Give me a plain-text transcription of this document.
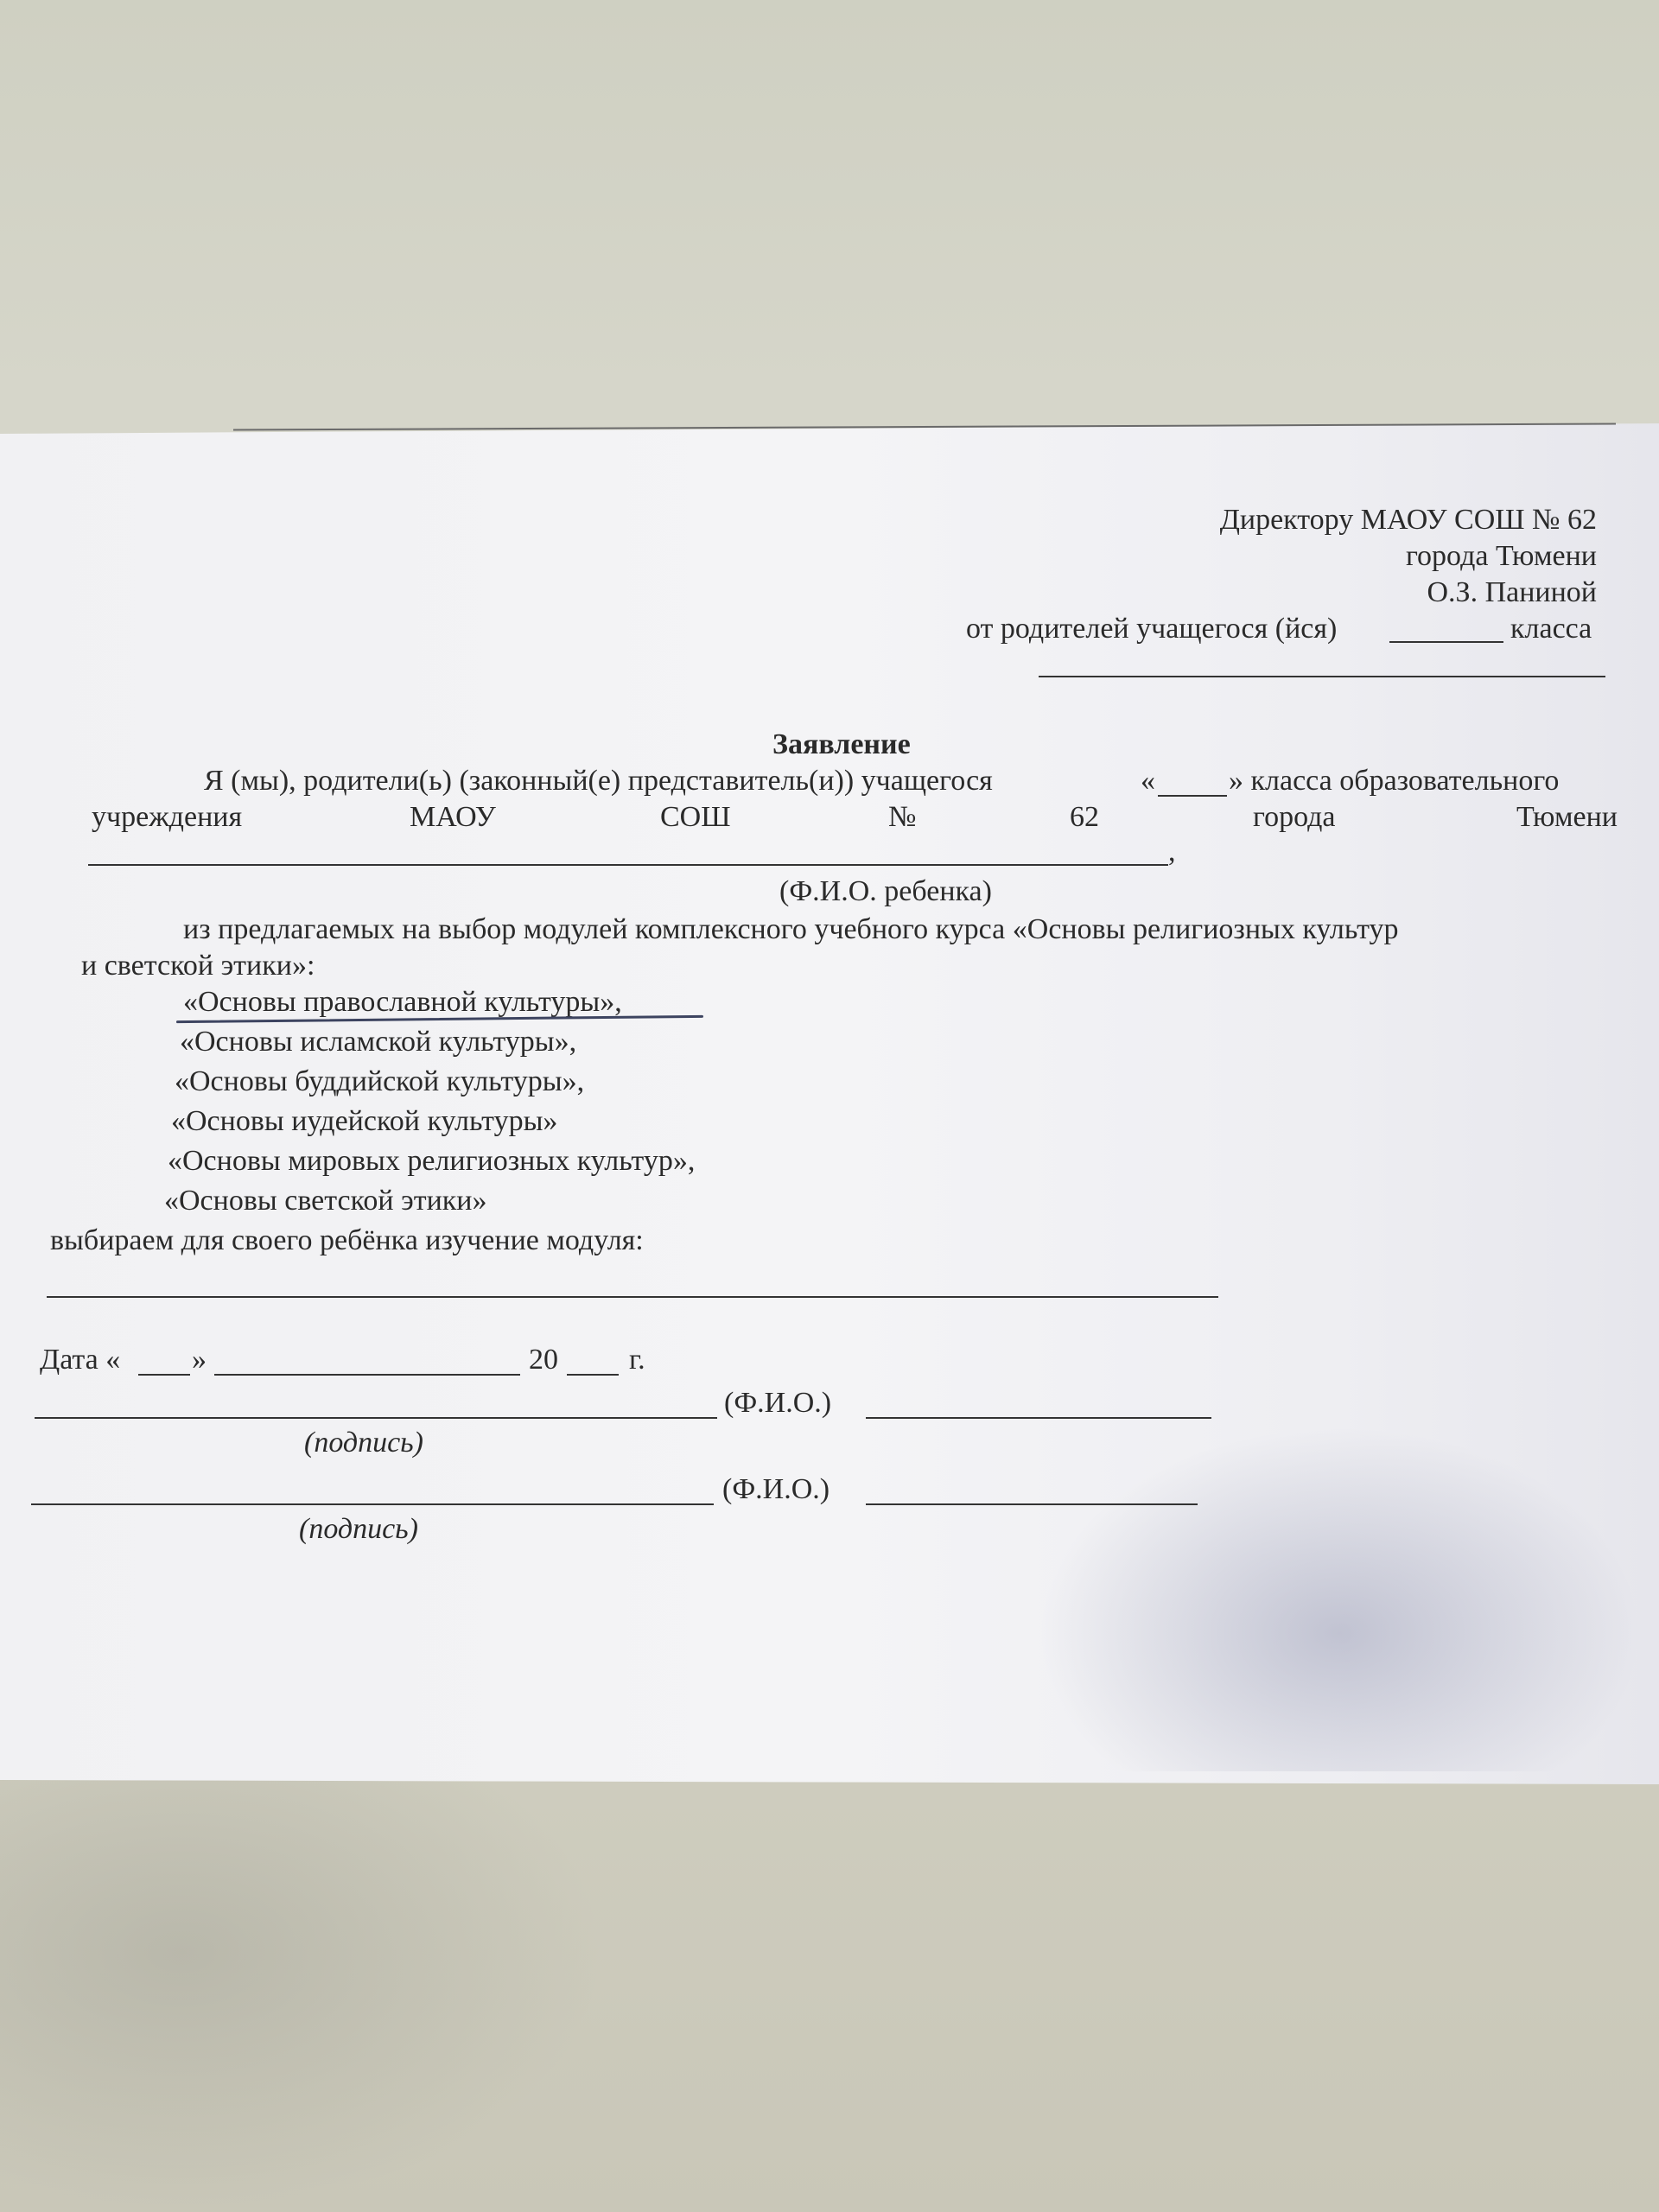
Директору МАОУ СОШ № 62
города Тюмени
О.З. Паниной
от родителей учащегося (йся)	класса
Заявление
Я (мы), родители(ь) (законный(е) представитель(и)) учащегося	«	» класса образовательного
учреждения	МАОУ	СОШ	№	62	города	Тюмени
,
(Ф.И.О. ребенка)
из предлагаемых на выбор модулей комплексного учебного курса «Основы религиозных культур
и светской этики»:
«Основы православной культуры»,
«Основы исламской культуры»,
«Основы буддийской культуры»,
«Основы иудейской культуры»
«Основы мировых религиозных культур»,
«Основы светской этики»
выбираем для своего ребёнка изучение модуля:
Дата « »	20 г.
(Ф.И.О.)
(подпись)
(Ф.И.О.)
(подпись)
